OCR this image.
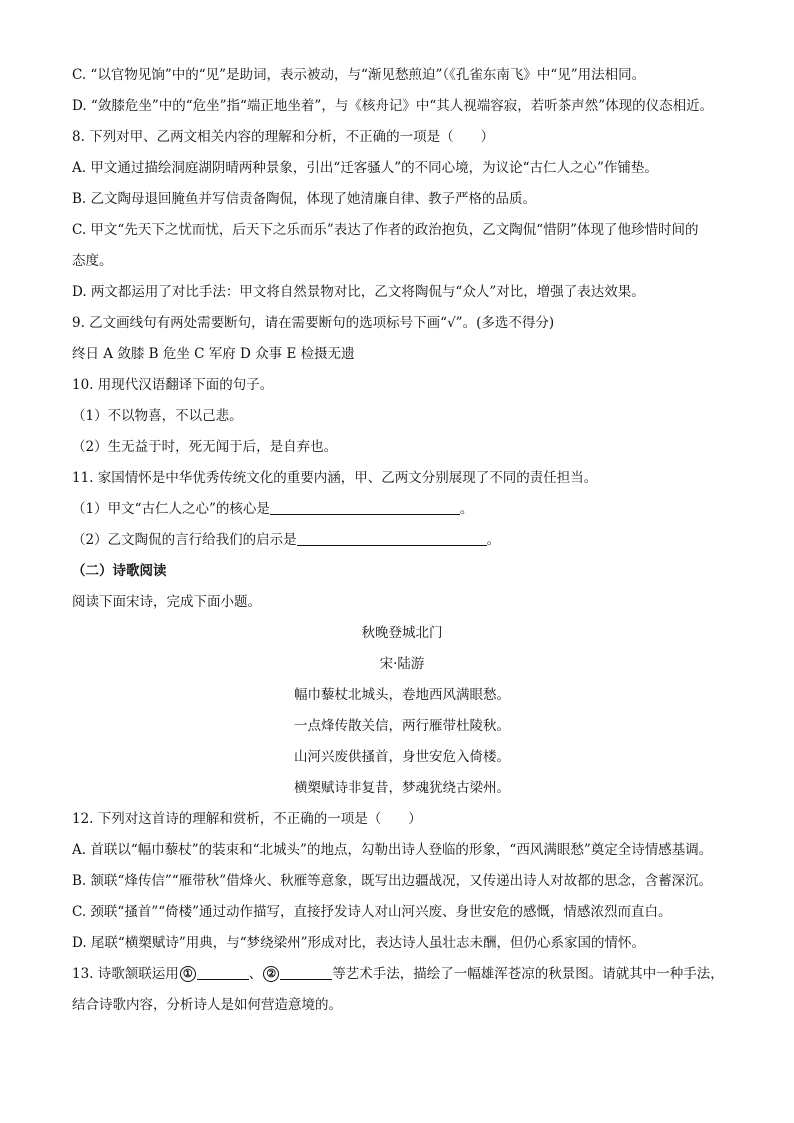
C. “以官物见饷”中的“见”是助词，表示被动，与“渐见愁煎迫”（《孔雀东南飞》中“见”用法相同。
D. “敛膝危坐”中的“危坐”指“端正地坐着”，与《核舟记》中“其人视端容寂，若听茶声然”体现的仪态相近。
8. 下列对甲、乙两文相关内容的理解和分析，不正确的一项是（　　）
A. 甲文通过描绘洞庭湖阴晴两种景象，引出“迁客骚人”的不同心境，为议论“古仁人之心”作铺垫。
B. 乙文陶母退回腌鱼并写信责备陶侃，体现了她清廉自律、教子严格的品质。
C. 甲文“先天下之忧而忧，后天下之乐而乐”表达了作者的政治抱负，乙文陶侃“惜阴”体现了他珍惜时间的
态度。
D. 两文都运用了对比手法：甲文将自然景物对比，乙文将陶侃与“众人”对比，增强了表达效果。
9. 乙文画线句有两处需要断句，请在需要断句的选项标号下画“√”。(多选不得分)
终日 A 敛膝 B 危坐 C 军府 D 众事 E 检摄无遗
10. 用现代汉语翻译下面的句子。
（1）不以物喜，不以己悲。
（2）生无益于时，死无闻于后，是自弃也。
11. 家国情怀是中华优秀传统文化的重要内涵，甲、乙两文分别展现了不同的责任担当。
（1）甲文“古仁人之心”的核心是	。
（2）乙文陶侃的言行给我们的启示是	。
（二）诗歌阅读
阅读下面宋诗，完成下面小题。
秋晚登城北门
宋·陆游
幅巾藜杖北城头，卷地西风满眼愁。
一点烽传散关信，两行雁带杜陵秋。
山河兴废供搔首，身世安危入倚楼。
横槊赋诗非复昔，梦魂犹绕古梁州。
12. 下列对这首诗的理解和赏析，不正确的一项是（　　）
A. 首联以“幅巾藜杖”的装束和“北城头”的地点，勾勒出诗人登临的形象，“西风满眼愁”奠定全诗情感基调。
B. 颔联“烽传信”“雁带秋”借烽火、秋雁等意象，既写出边疆战况，又传递出诗人对故都的思念，含蓄深沉。
C. 颈联“搔首”“倚楼”通过动作描写，直接抒发诗人对山河兴废、身世安危的感慨，情感浓烈而直白。
D. 尾联“横槊赋诗”用典，与“梦绕梁州”形成对比，表达诗人虽壮志未酬，但仍心系家国的情怀。
13. 诗歌颔联运用 ①	、 ②	等艺术手法，描绘了一幅雄浑苍凉的秋景图。请就其中一种手法，
结合诗歌内容，分析诗人是如何营造意境的。
